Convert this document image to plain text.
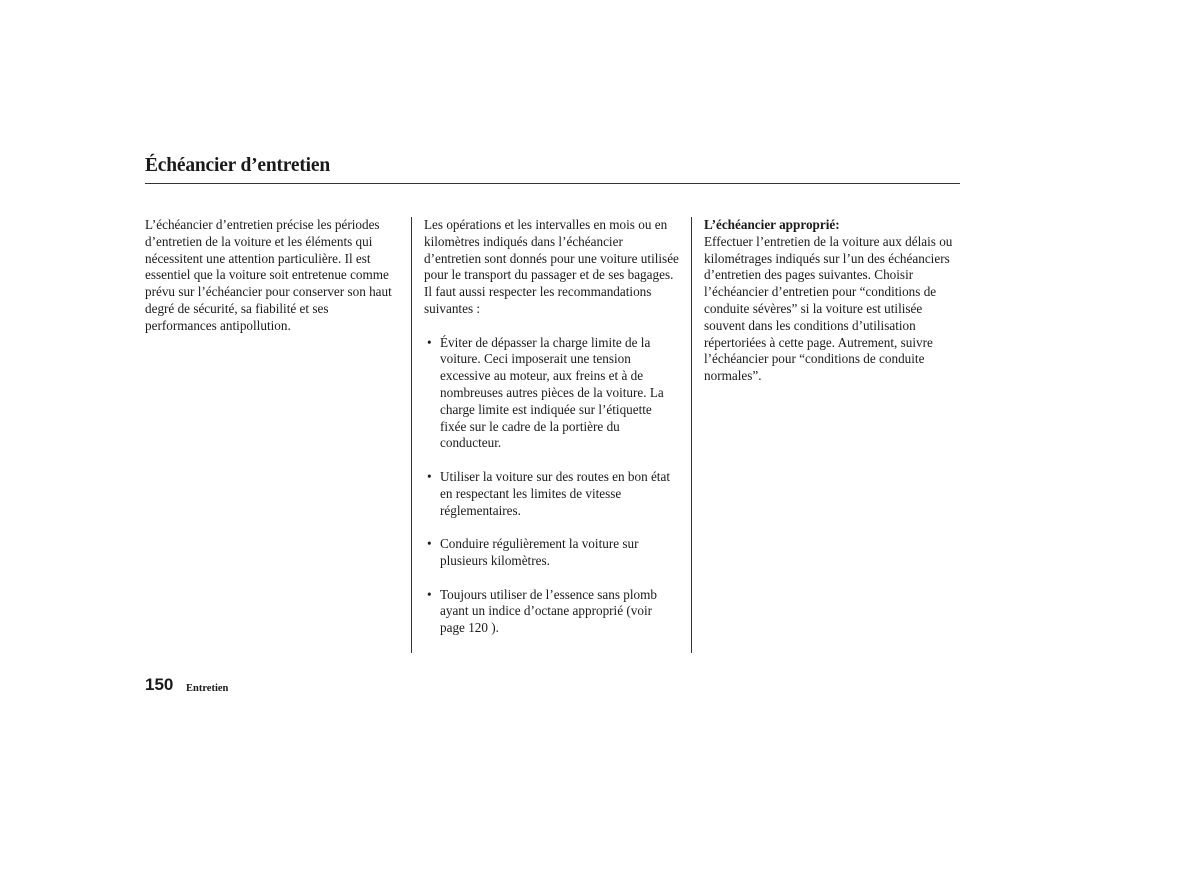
Échéancier d’entretien

L’échéancier d’entretien précise les périodes d’entretien de la voiture et les éléments qui nécessitent une attention particulière. Il est essentiel que la voiture soit entretenue comme prévu sur l’échéancier pour conserver son haut degré de sécurité, sa fiabilité et ses performances antipollution.

Les opérations et les intervalles en mois ou en kilomètres indiqués dans l’échéancier d’entretien sont donnés pour une voiture utilisée pour le transport du passager et de ses bagages. Il faut aussi respecter les recommandations suivantes :

• Éviter de dépasser la charge limite de la voiture. Ceci imposerait une tension excessive au moteur, aux freins et à de nombreuses autres pièces de la voiture. La charge limite est indiquée sur l’étiquette fixée sur le cadre de la portière du conducteur.
• Utiliser la voiture sur des routes en bon état en respectant les limites de vitesse réglementaires.
• Conduire régulièrement la voiture sur plusieurs kilomètres.
• Toujours utiliser de l’essence sans plomb ayant un indice d’octane approprié (voir page 120 ).

L’échéancier approprié:

Effectuer l’entretien de la voiture aux délais ou kilométrages indiqués sur l’un des échéanciers d’entretien des pages suivantes. Choisir l’échéancier d’entretien pour “conditions de conduite sévères” si la voiture est utilisée souvent dans les conditions d’utilisation répertoriées à cette page. Autrement, suivre l’échéancier pour “conditions de conduite normales”.

150 Entretien
